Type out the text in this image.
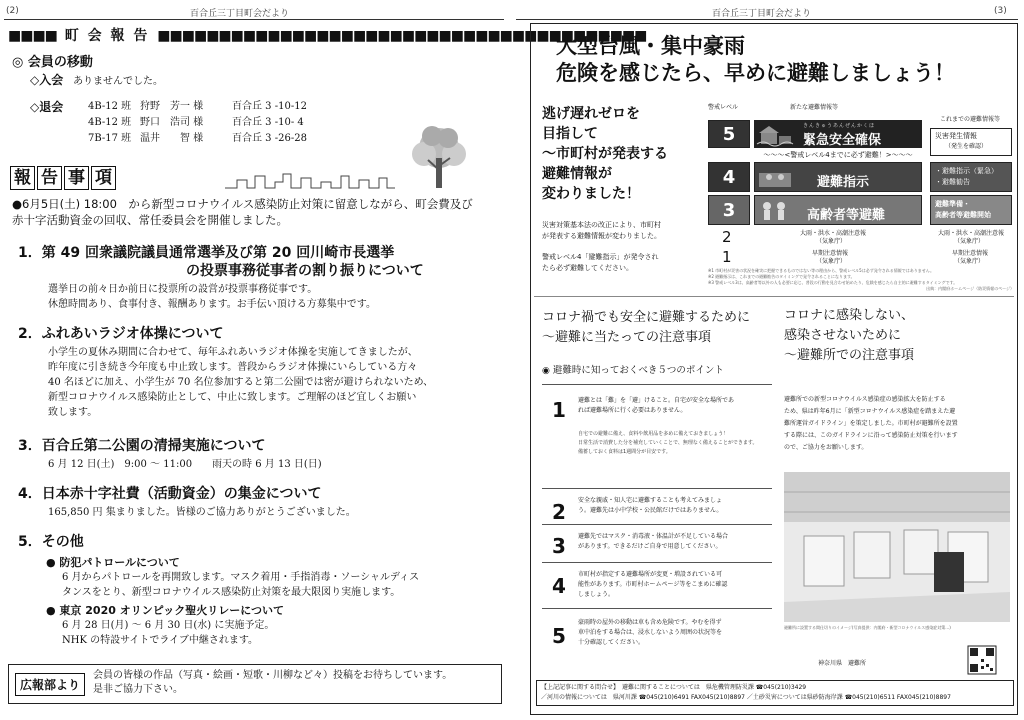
(2)	百合丘三丁目町会だより
■■■■ 町 会 報 告 ■■■■■■■■■■■■■■■■■■■■■■■■■■■■■■■■■■■■■■■■
◎ 会員の移動
◇入会 ありませんでした。
◇退会 4B-12 班 狩野　芳一 様	百合丘 3 -10-12
4B-12 班 野口　浩司 様	百合丘 3 -10- 4
7B-17 班 温井　　智 様	百合丘 3 -26-28
報 告 事 項
●6月5日(土) 18:00　から新型コロナウイルス感染防止対策に留意しながら、町会費及び赤十字活動資金の回収、常任委員会を開催しました。
1．第 49 回衆議院議員通常選挙及び第 20 回川崎市長選挙
の投票事務従事者の割り振りについて
選挙日の前々日か前日に投票所の設営が投票事務従事です。
休憩時間あり、食事付き、報酬あります。お手伝い頂ける方募集中です。
2．ふれあいラジオ体操について
小学生の夏休み期間に合わせて、毎年ふれあいラジオ体操を実施してきましたが、
昨年度に引き続き今年度も中止致します。普段からラジオ体操にいらしている方々
40 名ほどに加え、小学生が 70 名位参加すると第二公園では密が避けられないため、
新型コロナウイルス感染防止として、中止に致します。ご理解のほど宜しくお願い
致します。
3．百合丘第二公園の清掃実施について
6 月 12 日(土)　9:00 ～ 11:00　　雨天の時 6 月 13 日(日)
4．日本赤十字社費（活動資金）の集金について
165,850 円 集まりました。皆様のご協力ありがとうございました。
5．その他
● 防犯パトロールについて
6 月からパトロールを再開致します。マスク着用・手指消毒・ソーシャルディス
タンスをとり、新型コロナウイルス感染防止対策を最大限図り実施します。
● 東京 2020 オリンピック聖火リレーについて
6 月 28 日(月) ～ 6 月 30 日(水) に実施予定。
NHK の特設サイトでライブ中継されます。
広報部より
会員の皆様の作品（写真・絵画・短歌・川柳など々）投稿をお待ちしています。
是非ご協力下さい。
百合丘三丁目町会だより	(3)
大型台風・集中豪雨
危険を感じたら、早めに避難しましょう！
逃げ遅れゼロを
目指して
～市町村が発表する
避難情報が
変わりました！
災害対策基本法の改正により、市町村
が発表する避難情報が変わりました。
警戒レベル4「避難指示」が発令され
たら必ず避難してください。
警戒レベル	新たな避難情報等
これまでの避難情報等
5	きんきゅうあんぜんかくほ
緊急安全確保
～～～<警戒レベル4までに必ず避難！>～～～
4	避難指示
3	高齢者等避難
災害発生情報
（発生を確認）
・避難指示（緊急）
・避難勧告
避難準備・
高齢者等避難開始
2	大雨・洪水・高潮注意報
（気象庁）
大雨・洪水・高潮注意報
（気象庁）
1	早期注意情報
（気象庁）
早期注意情報
（気象庁）
※1 市町村が災害の状況を確実に把握できるものではない等の理由から、警戒レベル5は必ず発令される情報ではありません。
※2 避難指示は、これまでの避難勧告のタイミングで発令されることになります。
※3 警戒レベル3は、高齢者等以外の人も必要に応じ、普段の行動を見合わせ始めたり、危険を感じたら自主的に避難するタイミングです。
出典：内閣府ホームページ（防災情報のページ）
コロナ禍でも安全に避難するために
～避難に当たっての注意事項
◉ 避難時に知っておくべき５つのポイント
1 避難とは「難」を「避」けること。自宅が安全な場所であ
れば避難場所に行く必要はありません。
自宅での避難に備え、食料や飲用品を多めに備えておきましょう！
日常生活で消費した分を補充していくことで、無理なく備えることができます。
備蓄しておく食料は1週間分が目安です。
2 安全な親戚・知人宅に避難することも考えてみましょ
う。避難先は小中学校・公民館だけではありません。
3 避難先ではマスク・消毒液・体温計が不足している場合
があります。できるだけご自身で用意してください。
4 市町村が指定する避難場所が変更・増設されている可
能性があります。市町村ホームページ等をこまめに確認
しましょう。
5
豪雨時の屋外の移動は車も含め危険です。やむを得ず
車中泊をする場合は、浸水しないよう周囲の状況等を
十分確認してください。
コロナに感染しない、
感染させないために
～避難所での注意事項
避難所での新型コロナウイルス感染症の感染拡大を防止する
ため、県は昨年6月に「新型コロナウイルス感染症を踏まえた避
難所運営ガイドライン」を策定しました。市町村が避難所を設置
する際には、このガイドラインに沿って感染防止対策を行います
ので、ご協力をお願いします。
避難所に設置する間仕切りのイメージ(写真提供：内閣府・新型コロナウイルス感染症対策…)
神奈川県　避難所
【上記記事に関する問合せ】　避難に関することについては　県危機管理防災課 ☎045(210)3429
／河川の情報については　県河川課 ☎045(210)6491 FAX045(210)8897 ／土砂災害については県砂防海岸課 ☎045(210)6511 FAX045(210)8897
